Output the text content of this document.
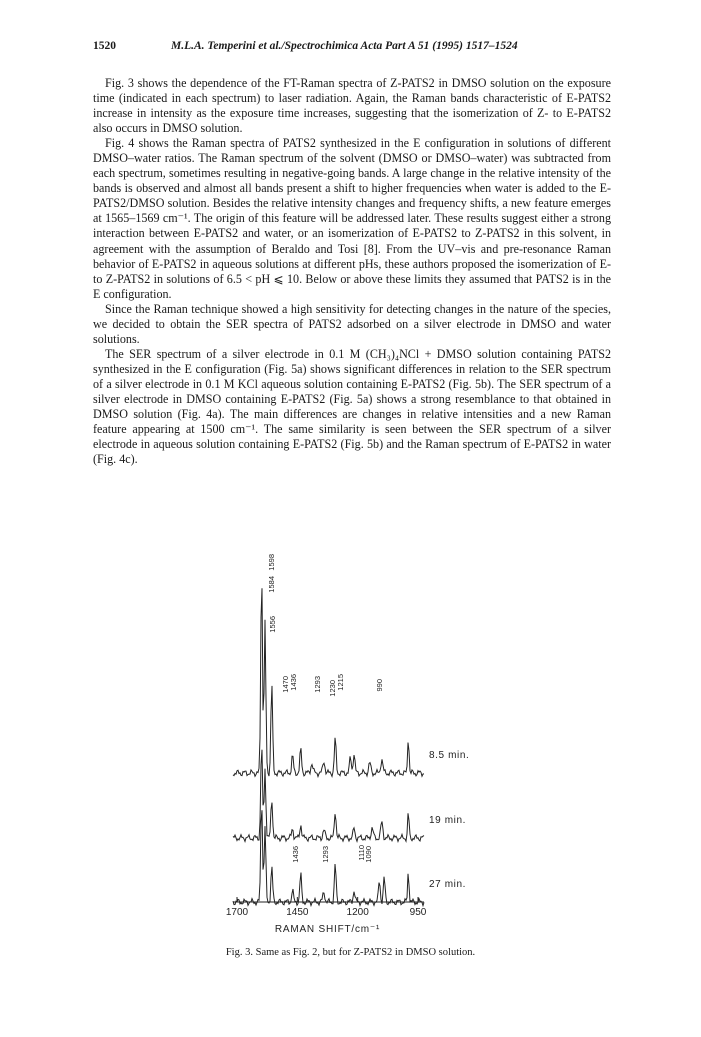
1520	M.L.A. Temperini et al./Spectrochimica Acta Part A 51 (1995) 1517–1524

Fig. 3 shows the dependence of the FT-Raman spectra of Z-PATS2 in DMSO solution on the exposure time (indicated in each spectrum) to laser radiation. Again, the Raman bands characteristic of E-PATS2 increase in intensity as the exposure time increases, suggesting that the isomerization of Z- to E-PATS2 also occurs in DMSO solution.

Fig. 4 shows the Raman spectra of PATS2 synthesized in the E configuration in solutions of different DMSO–water ratios. The Raman spectrum of the solvent (DMSO or DMSO–water) was subtracted from each spectrum, sometimes resulting in negative-going bands. A large change in the relative intensity of the bands is observed and almost all bands present a shift to higher frequencies when water is added to the E-PATS2/DMSO solution. Besides the relative intensity changes and frequency shifts, a new feature emerges at 1565–1569 cm⁻¹. The origin of this feature will be addressed later. These results suggest either a strong interaction between E-PATS2 and water, or an isomerization of E-PATS2 to Z-PATS2 in this solvent, in agreement with the assumption of Beraldo and Tosi [8]. From the UV–vis and pre-resonance Raman behavior of E-PATS2 in aqueous solutions at different pHs, these authors proposed the isomerization of E- to Z-PATS2 in solutions of 6.5 < pH ⩽ 10. Below or above these limits they assumed that PATS2 is in the E configuration.

Since the Raman technique showed a high sensitivity for detecting changes in the nature of the species, we decided to obtain the SER spectra of PATS2 adsorbed on a silver electrode in DMSO and water solutions.

The SER spectrum of a silver electrode in 0.1 M (CH₃)₄NCl + DMSO solution containing PATS2 synthesized in the E configuration (Fig. 5a) shows significant differences in relation to the SER spectrum of a silver electrode in 0.1 M KCl aqueous solution containing E-PATS2 (Fig. 5b). The SER spectrum of a silver electrode in DMSO containing E-PATS2 (Fig. 5a) shows a strong resemblance to that obtained in DMSO solution (Fig. 4a). The main differences are changes in relative intensities and a new Raman feature appearing at 1500 cm⁻¹. The same similarity is seen between the SER spectrum of a silver electrode in aqueous solution containing E-PATS2 (Fig. 5b) and the Raman spectrum of E-PATS2 in water (Fig. 4c).

1700	1450	1200	950
RAMAN SHIFT/cm⁻¹
8.5 min.
19 min.
27 min.
1598
1584
1556
1470 1436 1293 1230 1215	990
1436	1293	1110
1090
Fig. 3. Same as Fig. 2, but for Z-PATS2 in DMSO solution.
